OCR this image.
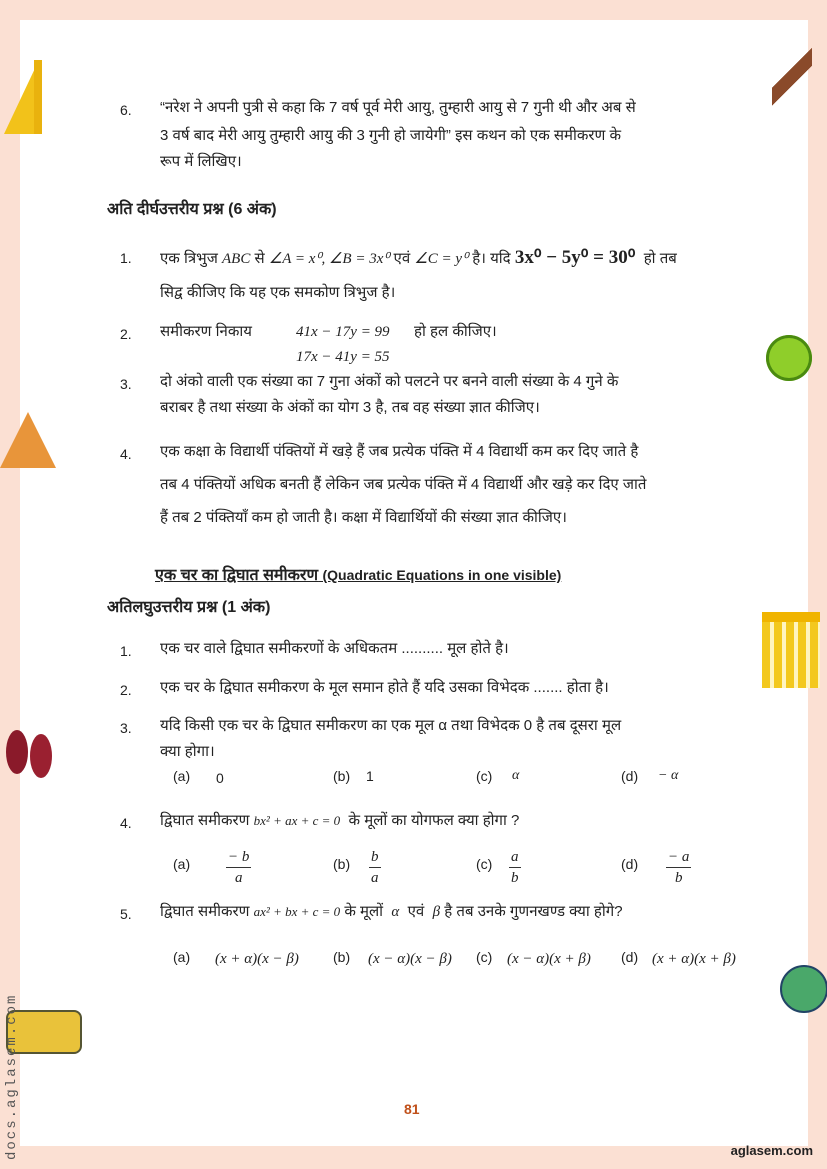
6. “नरेश ने अपनी पुत्री से कहा कि 7 वर्ष पूर्व मेरी आयु, तुम्हारी आयु से 7 गुनी थी और अब से
3 वर्ष बाद मेरी आयु तुम्हारी आयु की 3 गुनी हो जायेगी” इस कथन को एक समीकरण के
रूप में लिखिए।
अति दीर्घउत्तरीय प्रश्न (6 अंक)
1. एक त्रिभुज ABC से ∠A = x⁰, ∠B = 3x⁰ एवं ∠C = y⁰ है। यदि 3x⁰ − 5y⁰ = 30⁰ हो तब
सिद्व कीजिए कि यह एक समकोण त्रिभुज है।
2. समीकरण निकाय	41x − 17y = 99 हो हल कीजिए।
17x − 41y = 55
3. दो अंको वाली एक संख्या का 7 गुना अंकों को पलटने पर बनने वाली संख्या के 4 गुने के
बराबर है तथा संख्या के अंकों का योग 3 है, तब वह संख्या ज्ञात कीजिए।
4. एक कक्षा के विद्यार्थी पंक्तियों में खड़े हैं जब प्रत्येक पंक्ति में 4 विद्यार्थी कम कर दिए जाते है
तब 4 पंक्तियों अधिक बनती हैं लेकिन जब प्रत्येक पंक्ति में 4 विद्यार्थी और खड़े कर दिए जाते
हैं तब 2 पंक्तियाँ कम हो जाती है। कक्षा में विद्यार्थियों की संख्या ज्ञात कीजिए।
एक चर का द्विघात समीकरण (Quadratic Equations in one visible)
अतिलघुउत्तरीय प्रश्न (1 अंक)
1. एक चर वाले द्विघात समीकरणों के अधिकतम .......... मूल होते है।
2. एक चर के द्विघात समीकरण के मूल समान होते हैं यदि उसका विभेदक ....... होता है।
3. यदि किसी एक चर के द्विघात समीकरण का एक मूल α तथा विभेदक 0 है तब दूसरा मूल
क्या होगा।
(a) 0	(b) 1	(c) α	(d) − α
4. द्विघात समीकरण bx² + ax + c = 0 के मूलों का योगफल क्या होगा ?
$(a) \frac{- b}{a}$	$(b) \frac{b}{a}$	$(c) \frac{a}{b}$	$(d) \frac{- a}{b}$
5. द्विघात समीकरण ax² + bx + c = 0 के मूलों α एवं β है तब उनके गुणनखण्ड क्या होगे?
(a) (x + α)(x − β) (b) (x − α)(x − β) (c) (x − α)(x + β) (d) (x + α)(x + β)
81
aglasem.com
docs.aglasem.com
